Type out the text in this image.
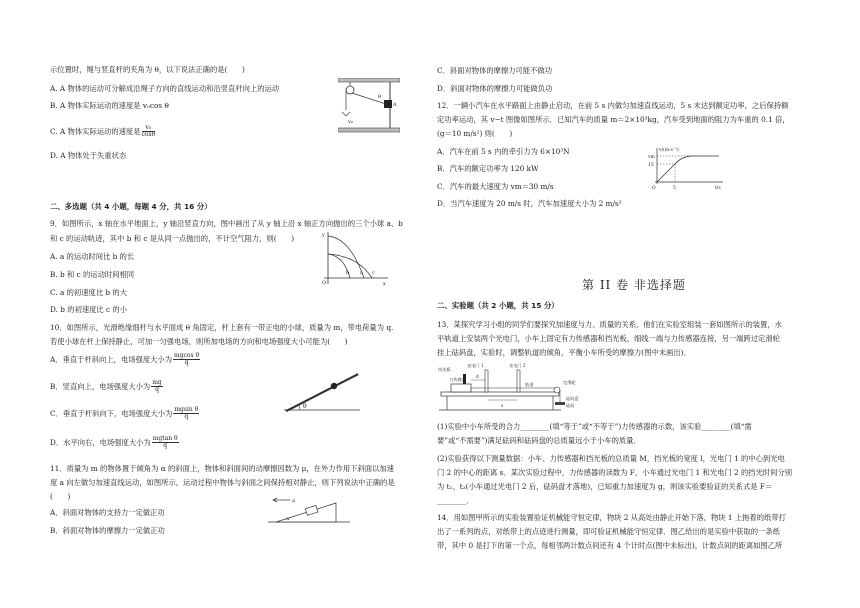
示位置时，绳与竖直杆的夹角为 θ，以下说法正确的是(　　)
A. A 物体的运动可分解成沿绳子方向的直线运动和沿竖直杆向上的运动
B. A 物体实际运动的速度是 v₀cos θ
C. A 物体实际运动的速度是 $\frac{\text{v₀}}{\cos\theta}$
D. A 物体处于失重状态
二、多选题（共 4 小题，每题 4 分，共 16 分）
9．如图所示，x 轴在水平地面上，y 轴沿竖直方向，图中画出了从 y 轴上沿 x 轴正方向抛出的三个小球 a、b
和 c 的运动轨迹，其中 b 和 c 是从同一点抛出的，不计空气阻力，则(　　)
A. a 的运动时间比 b 的长
B. b 和 c 的运动时间相同
C. a 的初速度比 b 的大
D. b 的初速度比 c 的小
10．如图所示，光滑绝缘细杆与水平面成 θ 角固定，杆上套有一带正电的小球，质量为 m，带电荷量为 q.
若使小球在杆上保持静止，可加一匀强电场，则所加电场的方向和电场强度大小可能为(　　)
A．垂直于杆斜向上，电场强度大小为 $\frac{\text{mgcos θ}}{q}$
B．竖直向上，电场强度大小为 $\frac{mg}{q}$
C．垂直于杆斜向下，电场强度大小为 $\frac{\text{mgsin θ}}{q}$
D．水平向右，电场强度大小为 $\frac{\text{mgtan θ}}{q}$
11．质量为 m 的物体置于倾角为 α 的斜面上，物体和斜面间的动摩擦因数为 μ，在外力作用下斜面以加速
度 a 向左做匀加速直线运动，如图所示，运动过程中物体与斜面之间保持相对静止，则下列说法中正确的是
(　　)
A．斜面对物体的支持力一定做正功
B．斜面对物体的摩擦力一定做正功
v₀
A
θ
y
O	x
a
b	c
θ
a
α
C．斜面对物体的摩擦力可能不做功
D．斜面对物体的摩擦力可能做负功
12．一辆小汽车在水平路面上由静止启动，在前 5 s 内做匀加速直线运动，5 s 末达到额定功率，之后保持额
定功率运动，其 v−t 图像如图所示．已知汽车的质量 m＝2×10³kg，汽车受到地面的阻力为车重的 0.1 倍，
(g＝10 m/s²) 则(　　)
A．汽车在前 5 s 内的牵引力为 6×10³N
B．汽车的额定功率为 120 kW
C．汽车的最大速度为 vm＝30 m/s
D．当汽车速度为 20 m/s 时，汽车加速度大小为 2 m/s²
v/(m·s⁻¹)
vm
15
O	5	t/s
第 II 卷 非选择题
二、实验题（共 2 小题，共 15 分）
13．某探究学习小组的同学们要探究加速度与力、质量的关系，他们在实验室组装一套如图所示的装置，水
平轨道上安装两个光电门，小车上固定有力传感器和挡光板，细线一端与力传感器连接，另一端跨过定滑轮
挂上砝码盘，实验时，调整轨道的倾角，平衡小车所受的摩擦力(图中未画出)．
挡光板
光电门 1	光电门 2
力传感器
d
s
轨道	定滑轮
砝码盘
砝码
(1)实验中小车所受的合力________(填“等于”或“不等于”)力传感器的示数，该实验________(填“需
要”或“不需要”)满足砝码和砝码盘的总质量远小于小车的质量．
(2)实验获得以下测量数据：小车、力传感器和挡光板的总质量 M，挡光板的宽度 l，光电门 1 的中心到光电
门 2 的中心的距离 s．某次实验过程中，力传感器的读数为 F，小车通过光电门 1 和光电门 2 的挡光时间分别
为 t₁、t₂(小车通过光电门 2 后，砝码盘才落地)，已知重力加速度为 g，则该实验要验证的关系式是 F＝
________．
14．用如图甲所示的实验装置验证机械能守恒定律，物块 2 从高处由静止开始下落，物块 1 上拖着的纸带打
出了一系列的点，对纸带上的点迹进行测量，即可验证机械能守恒定律．图乙给出的是实验中获取的一条纸
带，其中 0 是打下的第一个点，每相邻两计数点间还有 4 个计时点(图中未标出)，计数点间的距离如图乙所
